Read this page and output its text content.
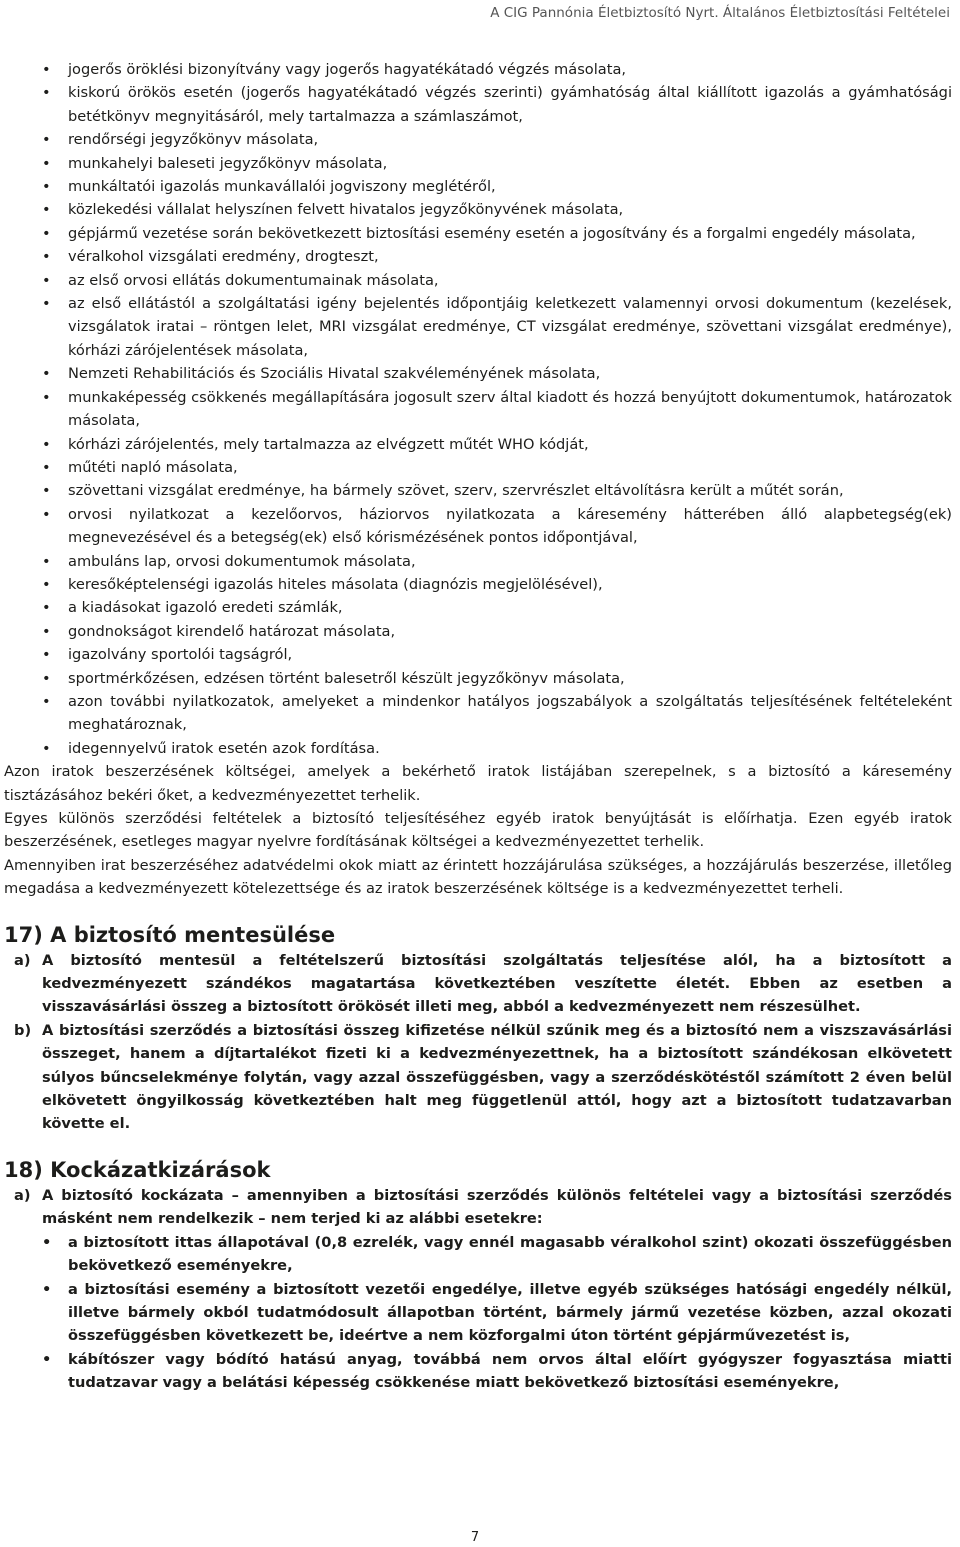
A CIG Pannónia Életbiztosító Nyrt. Általános Életbiztosítási Feltételei
• jogerős öröklési bizonyítvány vagy jogerős hagyatékátadó végzés másolata,
• kiskorú örökös esetén (jogerős hagyatékátadó végzés szerinti) gyámhatóság által kiállított igazolás a gyámhatósági betétkönyv megnyitásáról, mely tartalmazza a számlaszámot,
• rendőrségi jegyzőkönyv másolata,
• munkahelyi baleseti jegyzőkönyv másolata,
• munkáltatói igazolás munkavállalói jogviszony meglétéről,
• közlekedési vállalat helyszínen felvett hivatalos jegyzőkönyvének másolata,
• gépjármű vezetése során bekövetkezett biztosítási esemény esetén a jogosítvány és a forgalmi engedély másolata,
• véralkohol vizsgálati eredmény, drogteszt,
• az első orvosi ellátás dokumentumainak másolata,
• az első ellátástól a szolgáltatási igény bejelentés időpontjáig keletkezett valamennyi orvosi dokumentum (kezelések, vizsgálatok iratai – röntgen lelet, MRI vizsgálat eredménye, CT vizsgálat eredménye, szövettani vizsgálat eredménye), kórházi zárójelentések másolata,
• Nemzeti Rehabilitációs és Szociális Hivatal szakvéleményének másolata,
• munkaképesség csökkenés megállapítására jogosult szerv által kiadott és hozzá benyújtott dokumentumok, határozatok másolata,
• kórházi zárójelentés, mely tartalmazza az elvégzett műtét WHO kódját,
• műtéti napló másolata,
• szövettani vizsgálat eredménye, ha bármely szövet, szerv, szervrészlet eltávolításra került a műtét során,
• orvosi nyilatkozat a kezelőorvos, háziorvos nyilatkozata a káresemény hátterében álló alapbetegség(ek) megnevezésével és a betegség(ek) első kórismézésének pontos időpontjával,
• ambuláns lap, orvosi dokumentumok másolata,
• keresőképtelenségi igazolás hiteles másolata (diagnózis megjelölésével),
• a kiadásokat igazoló eredeti számlák,
• gondnokságot kirendelő határozat másolata,
• igazolvány sportolói tagságról,
• sportmérkőzésen, edzésen történt balesetről készült jegyzőkönyv másolata,
• azon további nyilatkozatok, amelyeket a mindenkor hatályos jogszabályok a szolgáltatás teljesítésének feltételeként meghatároznak,
• idegennyelvű iratok esetén azok fordítása.

Azon iratok beszerzésének költségei, amelyek a bekérhető iratok listájában szerepelnek, s a biztosító a káresemény tisztázásához bekéri őket, a kedvezményezettet terhelik.

Egyes különös szerződési feltételek a biztosító teljesítéséhez egyéb iratok benyújtását is előírhatja. Ezen egyéb iratok beszerzésének, esetleges magyar nyelvre fordításának költségei a kedvezményezettet terhelik.

Amennyiben irat beszerzéséhez adatvédelmi okok miatt az érintett hozzájárulása szükséges, a hozzájárulás beszerzése, illetőleg megadása a kedvezményezett kötelezettsége és az iratok beszerzésének költsége is a kedvezményezettet terheli.

17) A biztosító mentesülése

a) A biztosító mentesül a feltételszerű biztosítási szolgáltatás teljesítése alól, ha a biztosított a kedvezményezett szándékos magatartása következtében veszítette életét. Ebben az esetben a visszavásárlási összeg a biztosított örökösét illeti meg, abból a kedvezményezett nem részesülhet.

b) A biztosítási szerződés a biztosítási összeg kifizetése nélkül szűnik meg és a biztosító nem a viszszavásárlási összeget, hanem a díjtartalékot fizeti ki a kedvezményezettnek, ha a biztosított szándékosan elkövetett súlyos bűncselekménye folytán, vagy azzal összefüggésben, vagy a szerződéskötéstől számított 2 éven belül elkövetett öngyilkosság következtében halt meg függetlenül attól, hogy azt a biztosított tudatzavarban követte el.

18) Kockázatkizárások

a) A biztosító kockázata – amennyiben a biztosítási szerződés különös feltételei vagy a biztosítási szerződés másként nem rendelkezik – nem terjed ki az alábbi esetekre:

• a biztosított ittas állapotával (0,8 ezrelék, vagy ennél magasabb véralkohol szint) okozati összefüggésben bekövetkező eseményekre,
• a biztosítási esemény a biztosított vezetői engedélye, illetve egyéb szükséges hatósági engedély nélkül, illetve bármely okból tudatmódosult állapotban történt, bármely jármű vezetése közben, azzal okozati összefüggésben következett be, ideértve a nem közforgalmi úton történt gépjárművezetést is,
• kábítószer vagy bódító hatású anyag, továbbá nem orvos által előírt gyógyszer fogyasztása miatti tudatzavar vagy a belátási képesség csökkenése miatt bekövetkező biztosítási eseményekre,
7
